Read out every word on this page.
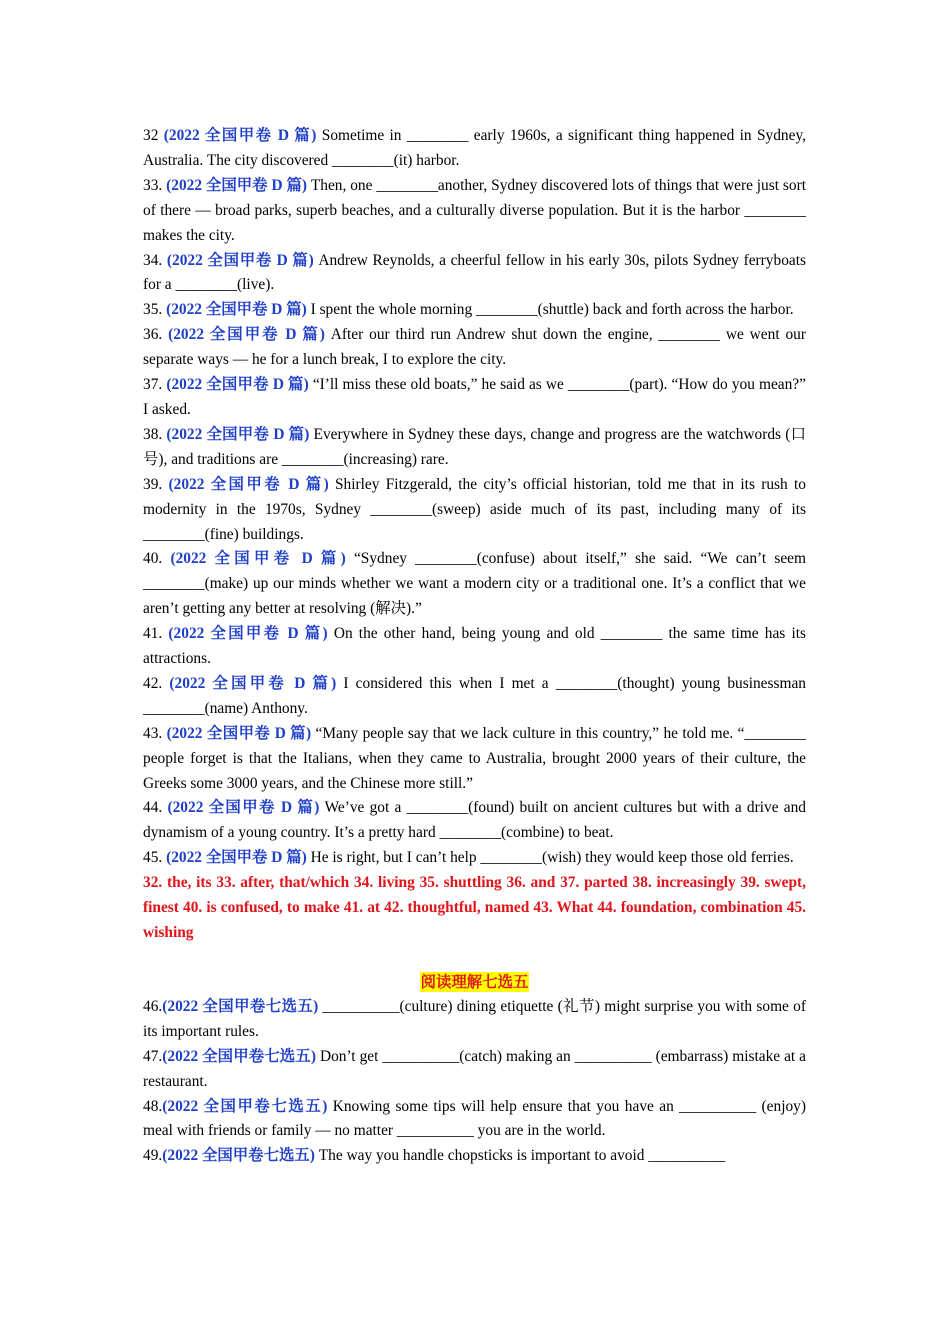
32 (2022 全国甲卷 D 篇) Sometime in ________ early 1960s, a significant thing happened in Sydney, Australia. The city discovered ________(it) harbor.

33. (2022 全国甲卷 D 篇) Then, one ________another, Sydney discovered lots of things that were just sort of there — broad parks, superb beaches, and a culturally diverse population. But it is the harbor ________ makes the city.

34. (2022 全国甲卷 D 篇) Andrew Reynolds, a cheerful fellow in his early 30s, pilots Sydney ferryboats for a ________(live).

35. (2022 全国甲卷 D 篇) I spent the whole morning ________(shuttle) back and forth across the harbor.

36. (2022 全国甲卷 D 篇) After our third run Andrew shut down the engine, ________ we went our separate ways — he for a lunch break, I to explore the city.

37. (2022 全国甲卷 D 篇) “I’ll miss these old boats,” he said as we ________(part). “How do you mean?” I asked.

38. (2022 全国甲卷 D 篇) Everywhere in Sydney these days, change and progress are the watchwords (口号), and traditions are ________(increasing) rare.

39. (2022 全国甲卷 D 篇) Shirley Fitzgerald, the city’s official historian, told me that in its rush to modernity in the 1970s, Sydney ________(sweep) aside much of its past, including many of its ________(fine) buildings.

40. (2022 全国甲卷 D 篇) “Sydney ________(confuse) about itself,” she said. “We can’t seem ________(make) up our minds whether we want a modern city or a traditional one. It’s a conflict that we aren’t getting any better at resolving (解决).”

41. (2022 全国甲卷 D 篇) On the other hand, being young and old ________ the same time has its attractions.

42. (2022 全国甲卷 D 篇) I considered this when I met a ________(thought) young businessman ________(name) Anthony.

43. (2022 全国甲卷 D 篇) “Many people say that we lack culture in this country,” he told me. “________ people forget is that the Italians, when they came to Australia, brought 2000 years of their culture, the Greeks some 3000 years, and the Chinese more still.”

44. (2022 全国甲卷 D 篇) We’ve got a ________(found) built on ancient cultures but with a drive and dynamism of a young country. It’s a pretty hard ________(combine) to beat.

45. (2022 全国甲卷 D 篇) He is right, but I can’t help ________(wish) they would keep those old ferries.

32. the, its 33. after, that/which 34. living 35. shuttling 36. and 37. parted 38. increasingly 39. swept, finest 40. is confused, to make 41. at 42. thoughtful, named 43. What 44. foundation, combination 45. wishing

阅读理解七选五

46.(2022 全国甲卷七选五) __________(culture) dining etiquette (礼节) might surprise you with some of its important rules.

47.(2022 全国甲卷七选五) Don’t get __________(catch) making an __________ (embarrass) mistake at a restaurant.

48.(2022 全国甲卷七选五) Knowing some tips will help ensure that you have an __________ (enjoy) meal with friends or family — no matter __________ you are in the world.

49.(2022 全国甲卷七选五) The way you handle chopsticks is important to avoid __________
